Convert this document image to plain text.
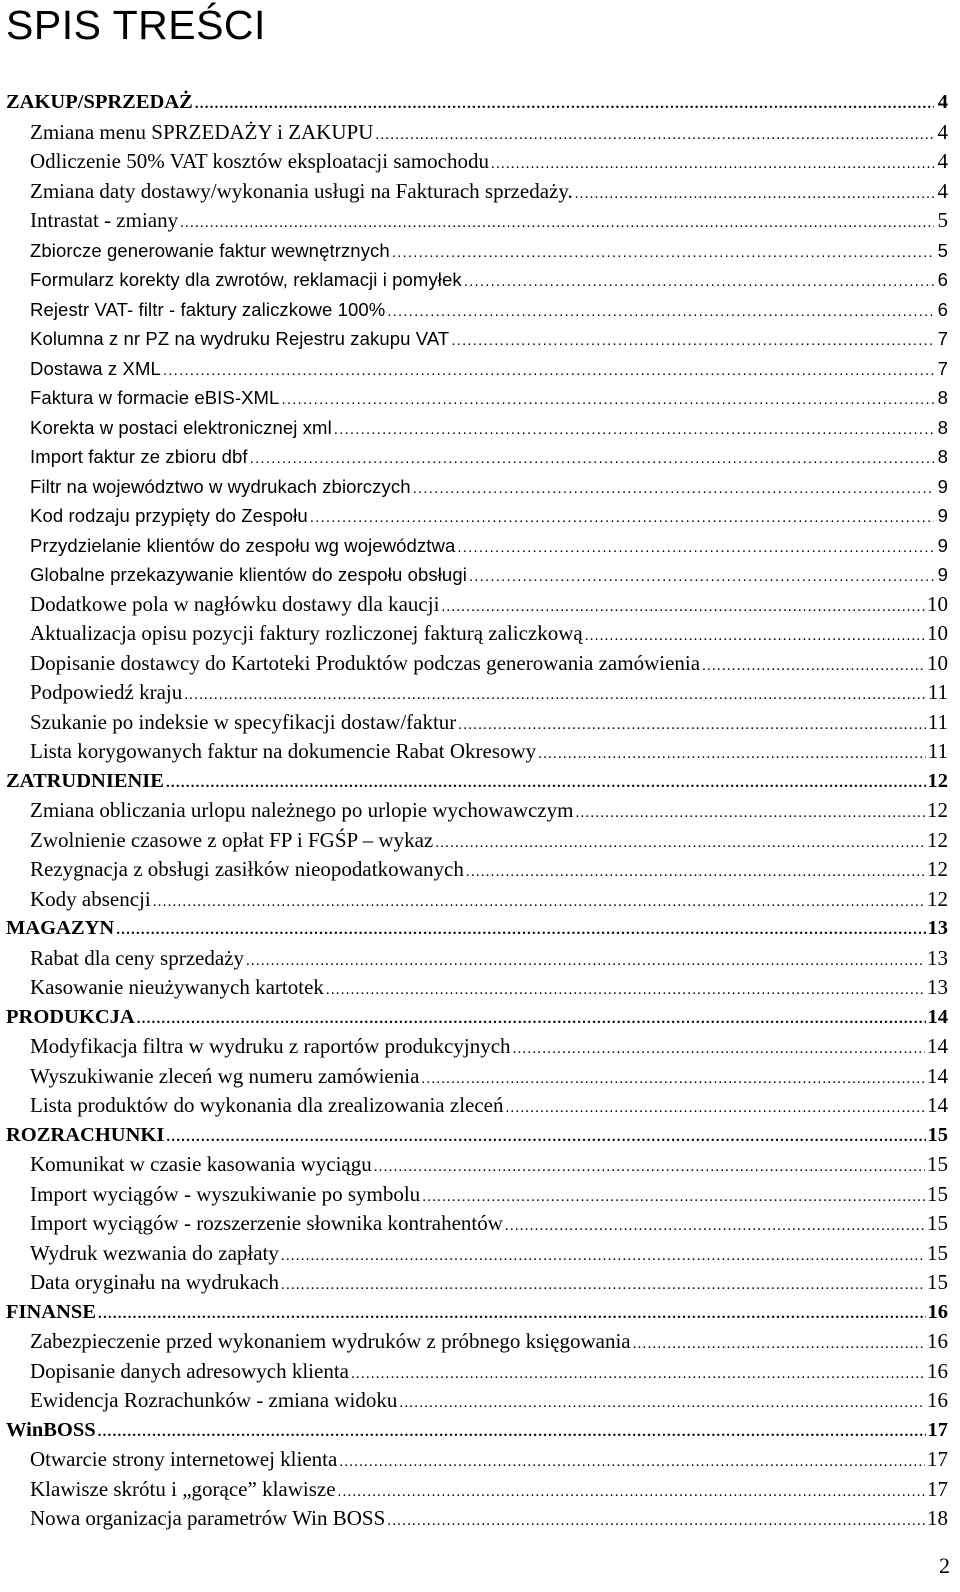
SPIS TREŚCI
ZAKUP/SPRZEDAŻ .....	4
Zmiana menu SPRZEDAŻY i ZAKUPU .....	4
Odliczenie 50% VAT kosztów eksploatacji samochodu .....	4
Zmiana daty dostawy/wykonania usługi na Fakturach sprzedaży. .....	4
Intrastat - zmiany .....	5
Zbiorcze generowanie faktur wewnętrznych .....	5
Formularz korekty dla zwrotów, reklamacji i pomyłek .....	6
Rejestr VAT- filtr - faktury zaliczkowe 100% .....	6
Kolumna z nr PZ na wydruku Rejestru zakupu VAT .....	7
Dostawa z XML .....	7
Faktura w formacie eBIS-XML .....	8
Korekta w postaci elektronicznej xml .....	8
Import faktur ze zbioru dbf .....	8
Filtr na województwo w wydrukach zbiorczych .....	9
Kod rodzaju przypięty do Zespołu .....	9
Przydzielanie klientów do zespołu wg województwa .....	9
Globalne przekazywanie klientów do zespołu obsługi .....	9
Dodatkowe pola w nagłówku dostawy dla kaucji .....	10
Aktualizacja opisu pozycji faktury rozliczonej fakturą zaliczkową .....	10
Dopisanie dostawcy do Kartoteki Produktów podczas generowania zamówienia .....	10
Podpowiedź kraju .....	11
Szukanie po indeksie w specyfikacji dostaw/faktur .....	11
Lista korygowanych faktur na dokumencie Rabat Okresowy .....	11
ZATRUDNIENIE .....	12
Zmiana obliczania urlopu należnego po urlopie wychowawczym .....	12
Zwolnienie czasowe z opłat FP i FGŚP – wykaz .....	12
Rezygnacja z obsługi zasiłków nieopodatkowanych .....	12
Kody absencji .....	12
MAGAZYN .....	13
Rabat dla ceny sprzedaży .....	13
Kasowanie nieużywanych kartotek .....	13
PRODUKCJA .....	14
Modyfikacja filtra w wydruku z raportów produkcyjnych .....	14
Wyszukiwanie zleceń wg numeru zamówienia .....	14
Lista produktów do wykonania dla zrealizowania zleceń .....	14
ROZRACHUNKI .....	15
Komunikat w czasie kasowania wyciągu .....	15
Import wyciągów - wyszukiwanie po symbolu .....	15
Import wyciągów - rozszerzenie słownika kontrahentów .....	15
Wydruk wezwania do zapłaty .....	15
Data oryginału na wydrukach .....	15
FINANSE .....	16
Zabezpieczenie przed wykonaniem wydruków z próbnego księgowania .....	16
Dopisanie danych adresowych klienta .....	16
Ewidencja Rozrachunków - zmiana widoku .....	16
WinBOSS .....	17
Otwarcie strony internetowej klienta .....	17
Klawisze skrótu i „gorące” klawisze .....	17
Nowa organizacja parametrów Win BOSS .....	18
2
